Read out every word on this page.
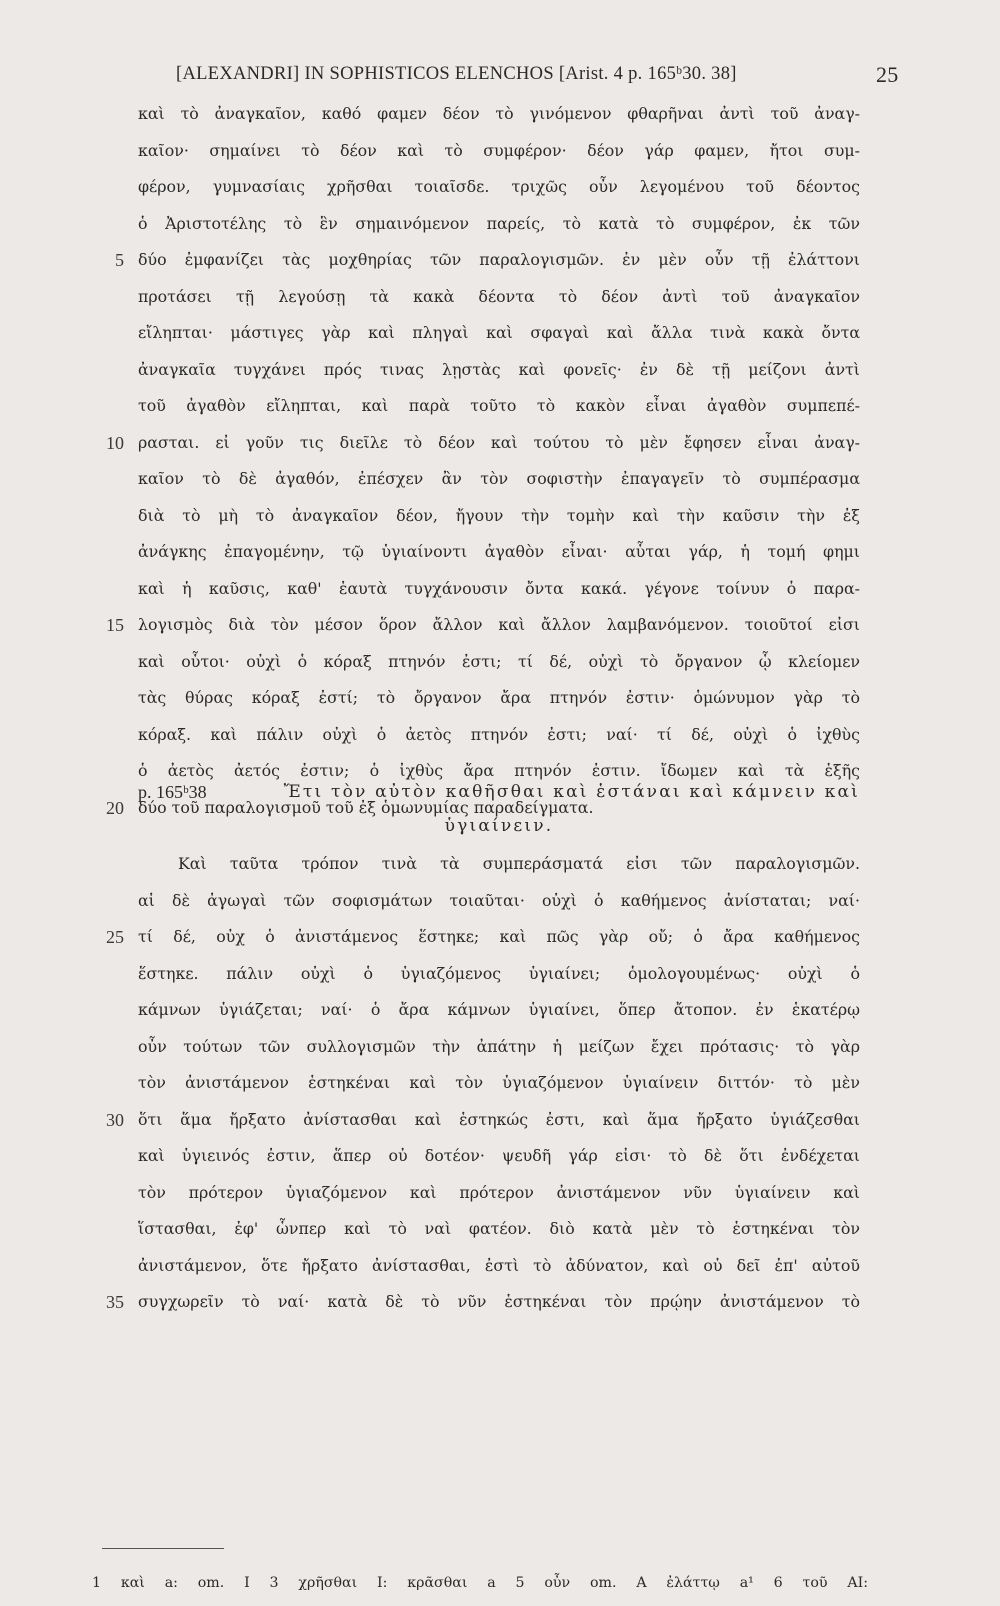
[ALEXANDRI] IN SOPHISTICOS ELENCHOS [Arist. 4 p. 165ᵇ30. 38]	25
καὶ τὸ ἀναγκαῖον, καθό φαμεν δέον τὸ γινόμενον φθαρῆναι ἀντὶ τοῦ ἀναγ-
καῖον· σημαίνει τὸ δέον καὶ τὸ συμφέρον· δέον γάρ φαμεν, ἤτοι συμ-
φέρον, γυμνασίαις χρῆσθαι τοιαῖσδε. τριχῶς οὖν λεγομένου τοῦ δέοντος
ὁ Ἀριστοτέλης τὸ ἓν σημαινόμενον παρείς, τὸ κατὰ τὸ συμφέρον, ἐκ τῶν
5 δύο ἐμφανίζει τὰς μοχθηρίας τῶν παραλογισμῶν. ἐν μὲν οὖν τῇ ἐλάττονι
προτάσει τῇ λεγούσῃ τὰ κακὰ δέοντα τὸ δέον ἀντὶ τοῦ ἀναγκαῖον
εἴληπται· μάστιγες γὰρ καὶ πληγαὶ καὶ σφαγαὶ καὶ ἄλλα τινὰ κακὰ ὄντα
ἀναγκαῖα τυγχάνει πρός τινας λῃστὰς καὶ φονεῖς· ἐν δὲ τῇ μείζονι ἀντὶ
τοῦ ἀγαθὸν εἴληπται, καὶ παρὰ τοῦτο τὸ κακὸν εἶναι ἀγαθὸν συμπεπέ-
10 ρασται. εἰ γοῦν τις διεῖλε τὸ δέον καὶ τούτου τὸ μὲν ἔφησεν εἶναι ἀναγ-
καῖον τὸ δὲ ἀγαθόν, ἐπέσχεν ἂν τὸν σοφιστὴν ἐπαγαγεῖν τὸ συμπέρασμα
διὰ τὸ μὴ τὸ ἀναγκαῖον δέον, ἤγουν τὴν τομὴν καὶ τὴν καῦσιν τὴν ἐξ
ἀνάγκης ἐπαγομένην, τῷ ὑγιαίνοντι ἀγαθὸν εἶναι· αὗται γάρ, ἡ τομή φημι
καὶ ἡ καῦσις, καθ' ἑαυτὰ τυγχάνουσιν ὄντα κακά. γέγονε τοίνυν ὁ παρα-
15 λογισμὸς διὰ τὸν μέσον ὅρον ἄλλον καὶ ἄλλον λαμβανόμενον. τοιοῦτοί εἰσι
καὶ οὗτοι· οὐχὶ ὁ κόραξ πτηνόν ἐστι; τί δέ, οὐχὶ τὸ ὄργανον ᾧ κλείομεν
τὰς θύρας κόραξ ἐστί; τὸ ὄργανον ἄρα πτηνόν ἐστιν· ὁμώνυμον γὰρ τὸ
κόραξ. καὶ πάλιν οὐχὶ ὁ ἀετὸς πτηνόν ἐστι; ναί· τί δέ, οὐχὶ ὁ ἰχθὺς
ὁ ἀετὸς ἀετός ἐστιν; ὁ ἰχθὺς ἄρα πτηνόν ἐστιν. ἴδωμεν καὶ τὰ ἑξῆς
20 δύο τοῦ παραλογισμοῦ τοῦ ἐξ ὁμωνυμίας παραδείγματα.
p. 165ᵇ38	Ἔτι τὸν αὐτὸν καθῆσθαι καὶ ἑστάναι καὶ κάμνειν καὶ
ὑγιαίνειν.
Καὶ ταῦτα τρόπον τινὰ τὰ συμπεράσματά εἰσι τῶν παραλογισμῶν.
αἱ δὲ ἀγωγαὶ τῶν σοφισμάτων τοιαῦται· οὐχὶ ὁ καθήμενος ἀνίσταται; ναί·
25 τί δέ, οὐχ ὁ ἀνιστάμενος ἕστηκε; καὶ πῶς γὰρ οὔ; ὁ ἄρα καθήμενος
ἕστηκε. πάλιν οὐχὶ ὁ ὑγιαζόμενος ὑγιαίνει; ὁμολογουμένως· οὐχὶ ὁ
κάμνων ὑγιάζεται; ναί· ὁ ἄρα κάμνων ὑγιαίνει, ὅπερ ἄτοπον. ἐν ἑκατέρῳ
οὖν τούτων τῶν συλλογισμῶν τὴν ἀπάτην ἡ μείζων ἔχει πρότασις· τὸ γὰρ
τὸν ἀνιστάμενον ἑστηκέναι καὶ τὸν ὑγιαζόμενον ὑγιαίνειν διττόν· τὸ μὲν
30 ὅτι ἅμα ἤρξατο ἀνίστασθαι καὶ ἑστηκώς ἐστι, καὶ ἅμα ἤρξατο ὑγιάζεσθαι
καὶ ὑγιεινός ἐστιν, ἅπερ οὐ δοτέον· ψευδῆ γάρ εἰσι· τὸ δὲ ὅτι ἐνδέχεται
τὸν πρότερον ὑγιαζόμενον καὶ πρότερον ἀνιστάμενον νῦν ὑγιαίνειν καὶ
ἵστασθαι, ἐφ' ὧνπερ καὶ τὸ ναὶ φατέον. διὸ κατὰ μὲν τὸ ἑστηκέναι τὸν
ἀνιστάμενον, ὅτε ἤρξατο ἀνίστασθαι, ἐστὶ τὸ ἀδύνατον, καὶ οὐ δεῖ ἐπ' αὐτοῦ
35 συγχωρεῖν τὸ ναί· κατὰ δὲ τὸ νῦν ἑστηκέναι τὸν πρῴην ἀνιστάμενον τὸ
1 καὶ a: om. I 3 χρῆσθαι I: κρᾶσθαι a 5 οὖν om. A ἐλάττῳ a¹ 6 τοῦ AI:
